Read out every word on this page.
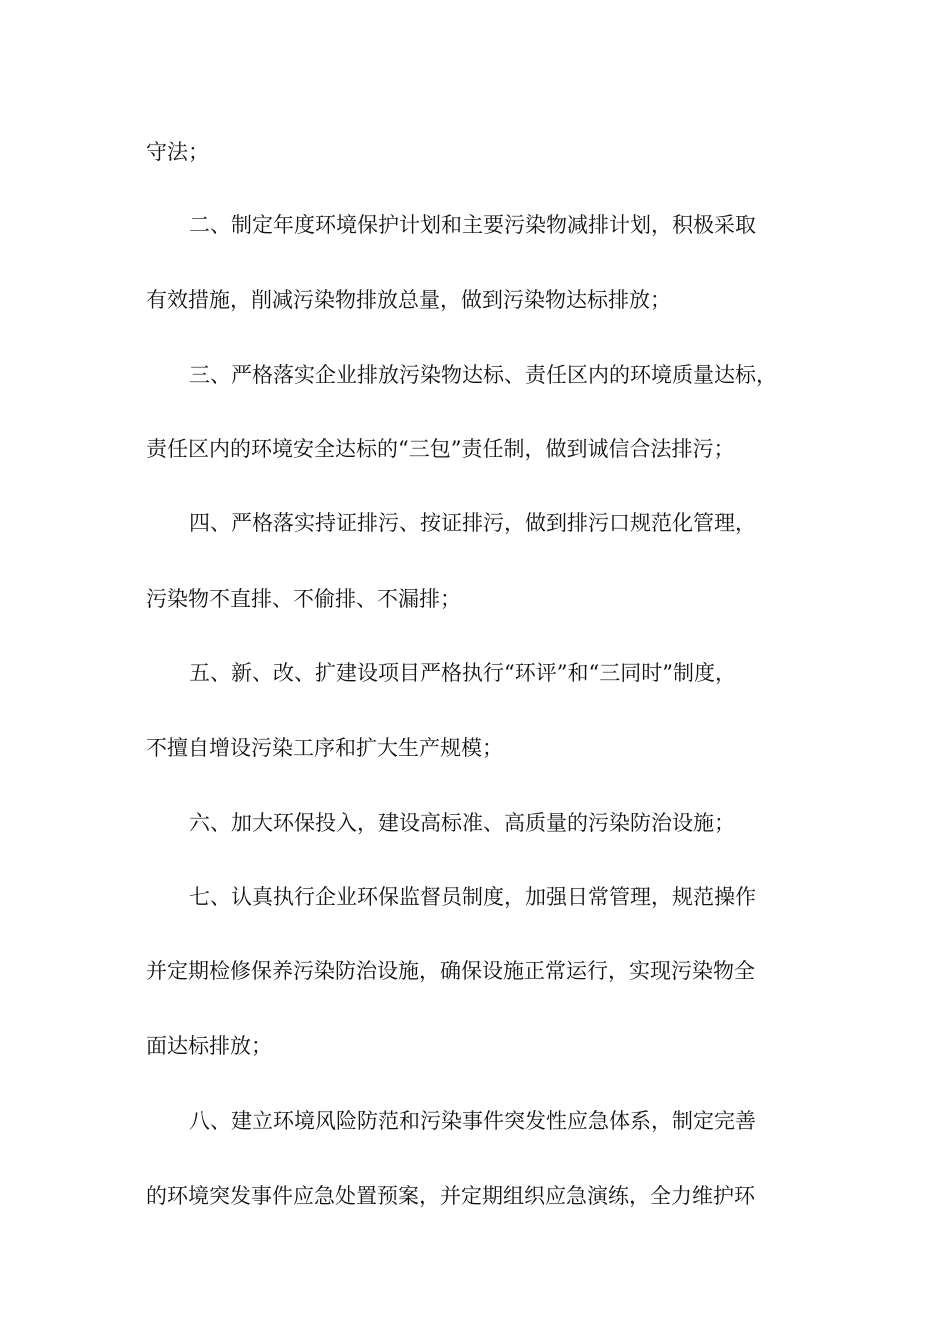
守法；
二、制定年度环境保护计划和主要污染物减排计划，积极采取
有效措施，削减污染物排放总量，做到污染物达标排放；
三、严格落实企业排放污染物达标、责任区内的环境质量达标，
责任区内的环境安全达标的“三包”责任制，做到诚信合法排污；
四、严格落实持证排污、按证排污，做到排污口规范化管理，
污染物不直排、不偷排、不漏排；
五、新、改、扩建设项目严格执行“环评”和“三同时”制度，
不擅自增设污染工序和扩大生产规模；
六、加大环保投入，建设高标准、高质量的污染防治设施；
七、认真执行企业环保监督员制度，加强日常管理，规范操作
并定期检修保养污染防治设施，确保设施正常运行，实现污染物全
面达标排放；
八、建立环境风险防范和污染事件突发性应急体系，制定完善
的环境突发事件应急处置预案，并定期组织应急演练，全力维护环
